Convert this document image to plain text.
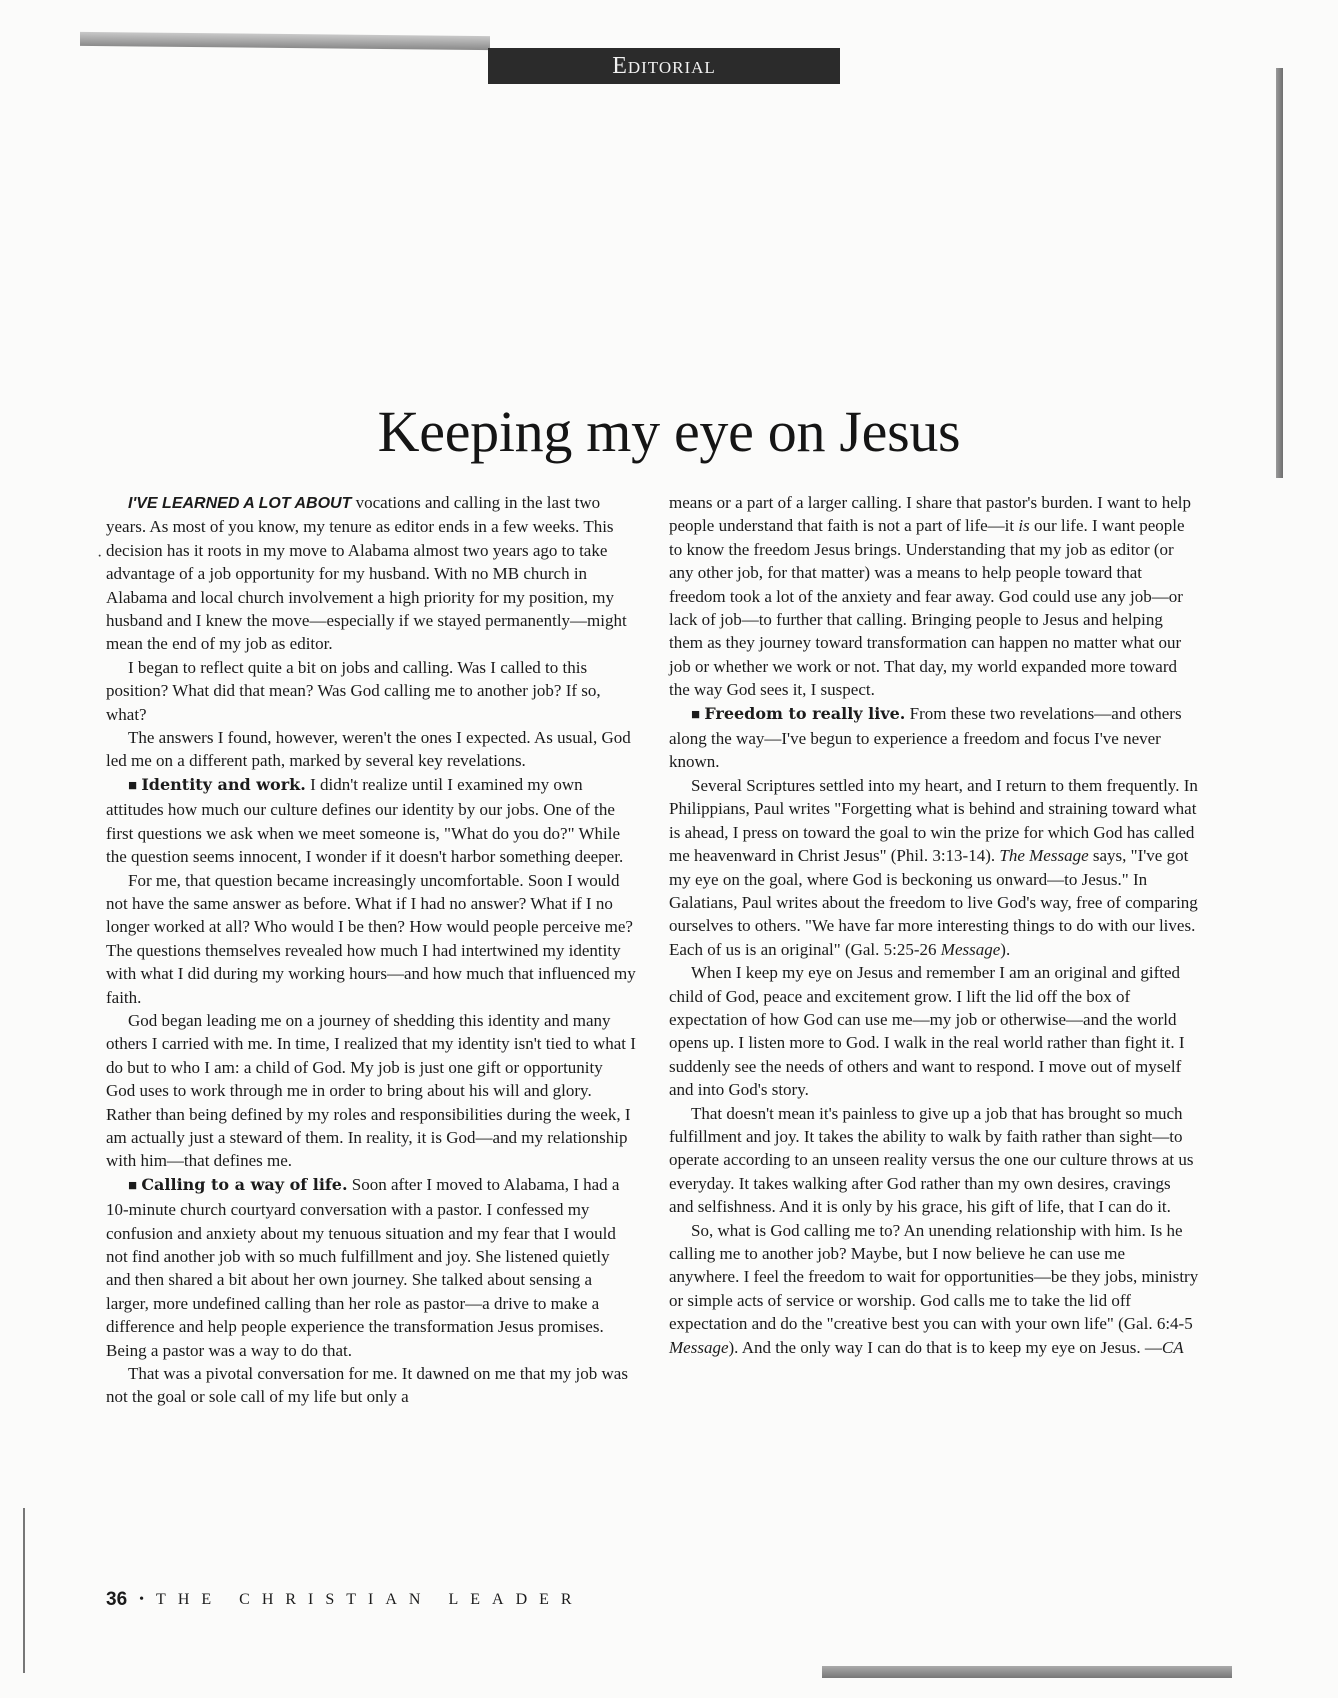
Editorial
·
Keeping my eye on Jesus

I'VE LEARNED A LOT ABOUT vocations and calling in the last two years. As most of you know, my tenure as editor ends in a few weeks. This decision has it roots in my move to Alabama almost two years ago to take advantage of a job opportunity for my husband. With no MB church in Alabama and local church involvement a high priority for my position, my husband and I knew the move—especially if we stayed permanently—might mean the end of my job as editor.

I began to reflect quite a bit on jobs and calling. Was I called to this position? What did that mean? Was God calling me to another job? If so, what?

The answers I found, however, weren't the ones I expected. As usual, God led me on a different path, marked by several key revelations.

■ Identity and work. I didn't realize until I examined my own attitudes how much our culture defines our identity by our jobs. One of the first questions we ask when we meet someone is, "What do you do?" While the question seems innocent, I wonder if it doesn't harbor something deeper.

For me, that question became increasingly uncomfortable. Soon I would not have the same answer as before. What if I had no answer? What if I no longer worked at all? Who would I be then? How would people perceive me? The questions themselves revealed how much I had intertwined my identity with what I did during my working hours—and how much that influenced my faith.

God began leading me on a journey of shedding this identity and many others I carried with me. In time, I realized that my identity isn't tied to what I do but to who I am: a child of God. My job is just one gift or opportunity God uses to work through me in order to bring about his will and glory. Rather than being defined by my roles and responsibilities during the week, I am actually just a steward of them. In reality, it is God—and my relationship with him—that defines me.

■ Calling to a way of life. Soon after I moved to Alabama, I had a 10-minute church courtyard conversation with a pastor. I confessed my confusion and anxiety about my tenuous situation and my fear that I would not find another job with so much fulfillment and joy. She listened quietly and then shared a bit about her own journey. She talked about sensing a larger, more undefined calling than her role as pastor—a drive to make a difference and help people experience the transformation Jesus promises. Being a pastor was a way to do that.

That was a pivotal conversation for me. It dawned on me that my job was not the goal or sole call of my life but only a

means or a part of a larger calling. I share that pastor's burden. I want to help people understand that faith is not a part of life—it is our life. I want people to know the freedom Jesus brings. Understanding that my job as editor (or any other job, for that matter) was a means to help people toward that freedom took a lot of the anxiety and fear away. God could use any job—or lack of job—to further that calling. Bringing people to Jesus and helping them as they journey toward transformation can happen no matter what our job or whether we work or not. That day, my world expanded more toward the way God sees it, I suspect.

■ Freedom to really live. From these two revelations—and others along the way—I've begun to experience a freedom and focus I've never known.

Several Scriptures settled into my heart, and I return to them frequently. In Philippians, Paul writes "Forgetting what is behind and straining toward what is ahead, I press on toward the goal to win the prize for which God has called me heavenward in Christ Jesus" (Phil. 3:13-14). The Message says, "I've got my eye on the goal, where God is beckoning us onward—to Jesus." In Galatians, Paul writes about the freedom to live God's way, free of comparing ourselves to others. "We have far more interesting things to do with our lives. Each of us is an original" (Gal. 5:25-26 Message).

When I keep my eye on Jesus and remember I am an original and gifted child of God, peace and excitement grow. I lift the lid off the box of expectation of how God can use me—my job or otherwise—and the world opens up. I listen more to God. I walk in the real world rather than fight it. I suddenly see the needs of others and want to respond. I move out of myself and into God's story.

That doesn't mean it's painless to give up a job that has brought so much fulfillment and joy. It takes the ability to walk by faith rather than sight—to operate according to an unseen reality versus the one our culture throws at us everyday. It takes walking after God rather than my own desires, cravings and selfishness. And it is only by his grace, his gift of life, that I can do it.

So, what is God calling me to? An unending relationship with him. Is he calling me to another job? Maybe, but I now believe he can use me anywhere. I feel the freedom to wait for opportunities—be they jobs, ministry or simple acts of service or worship. God calls me to take the lid off expectation and do the "creative best you can with your own life" (Gal. 6:4-5 Message). And the only way I can do that is to keep my eye on Jesus. —CA

36 • THE CHRISTIAN LEADER
